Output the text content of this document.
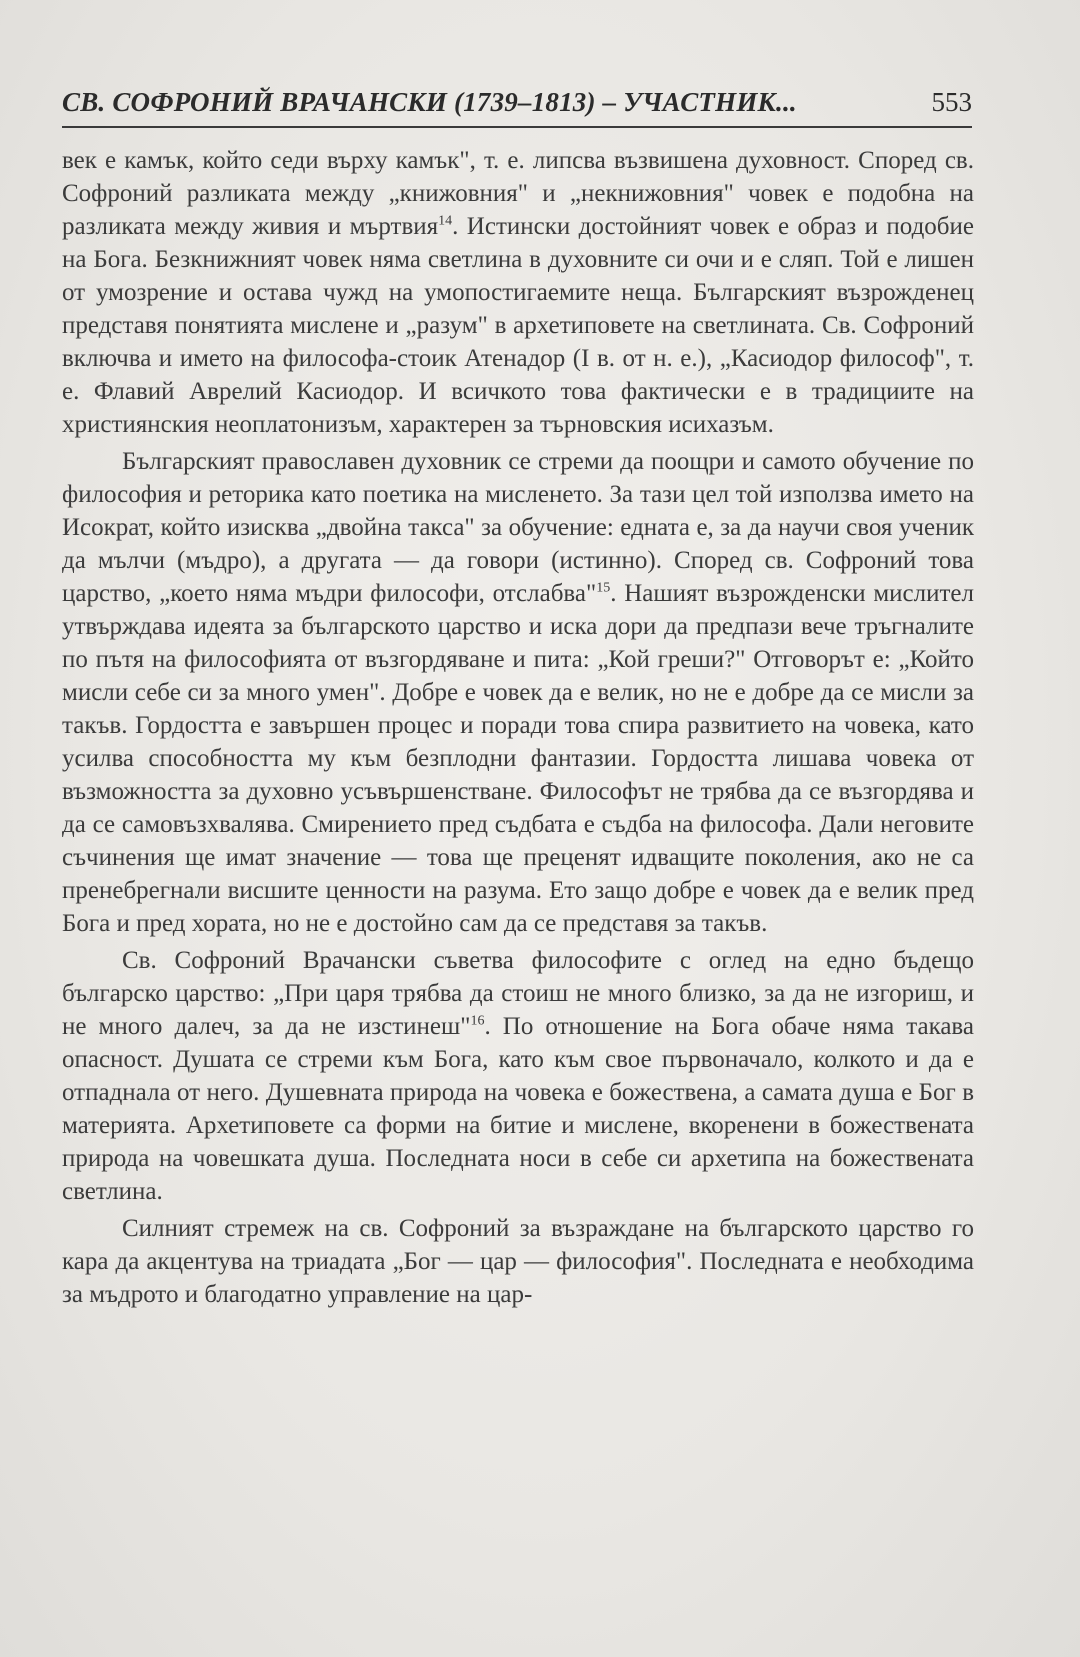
СВ. СОФРОНИЙ ВРАЧАНСКИ (1739–1813) – УЧАСТНИК...	553

век е камък, който седи върху камък", т. е. липсва възвишена духовност. Според св. Софроний разликата между „книжовния" и „некнижовния" човек е подобна на разликата между живия и мъртвия$^{14}$. Истински достойният човек е образ и подобие на Бога. Безкнижният човек няма светлина в духовните си очи и е сляп. Той е лишен от умозрение и остава чужд на умопостигаемите неща. Българският възрожденец представя понятията мислене и „разум" в архетиповете на светлината. Св. Софроний включва и името на философа-стоик Атенадор (I в. от н. е.), „Касиодор философ", т. е. Флавий Аврелий Касиодор. И всичкото това фактически е в традициите на християнския неоплатонизъм, характерен за търновския исихазъм.

Българският православен духовник се стреми да поощри и самото обучение по философия и реторика като поетика на мисленето. За тази цел той използва името на Исократ, който изисква „двойна такса" за обучение: едната е, за да научи своя ученик да мълчи (мъдро), а другата — да говори (истинно). Според св. Софроний това царство, „което няма мъдри философи, отслабва"$^{15}$. Нашият възрожденски мислител утвърждава идеята за българското царство и иска дори да предпази вече тръгналите по пътя на философията от възгордяване и пита: „Кой греши?" Отговорът е: „Който мисли себе си за много умен". Добре е човек да е велик, но не е добре да се мисли за такъв. Гордостта е завършен процес и поради това спира развитието на човека, като усилва способността му към безплодни фантазии. Гордостта лишава човека от възможността за духовно усъвършенстване. Философът не трябва да се възгордява и да се самовъзхвалява. Смирението пред съдбата е съдба на философа. Дали неговите съчинения ще имат значение — това ще преценят идващите поколения, ако не са пренебрегнали висшите ценности на разума. Ето защо добре е човек да е велик пред Бога и пред хората, но не е достойно сам да се представя за такъв.

Св. Софроний Врачански съветва философите с оглед на едно бъдещо българско царство: „При царя трябва да стоиш не много близко, за да не изгориш, и не много далеч, за да не изстинеш"$^{16}$. По отношение на Бога обаче няма такава опасност. Душата се стреми към Бога, като към свое първоначало, колкото и да е отпаднала от него. Душевната природа на човека е божествена, а самата душа е Бог в материята. Архетиповете са форми на битие и мислене, вкоренени в божествената природа на човешката душа. Последната носи в себе си архетипа на божествената светлина.

Силният стремеж на св. Софроний за възраждане на българското царство го кара да акцентува на триадата „Бог — цар — философия". Последната е необходима за мъдрото и благодатно управление на цар-
